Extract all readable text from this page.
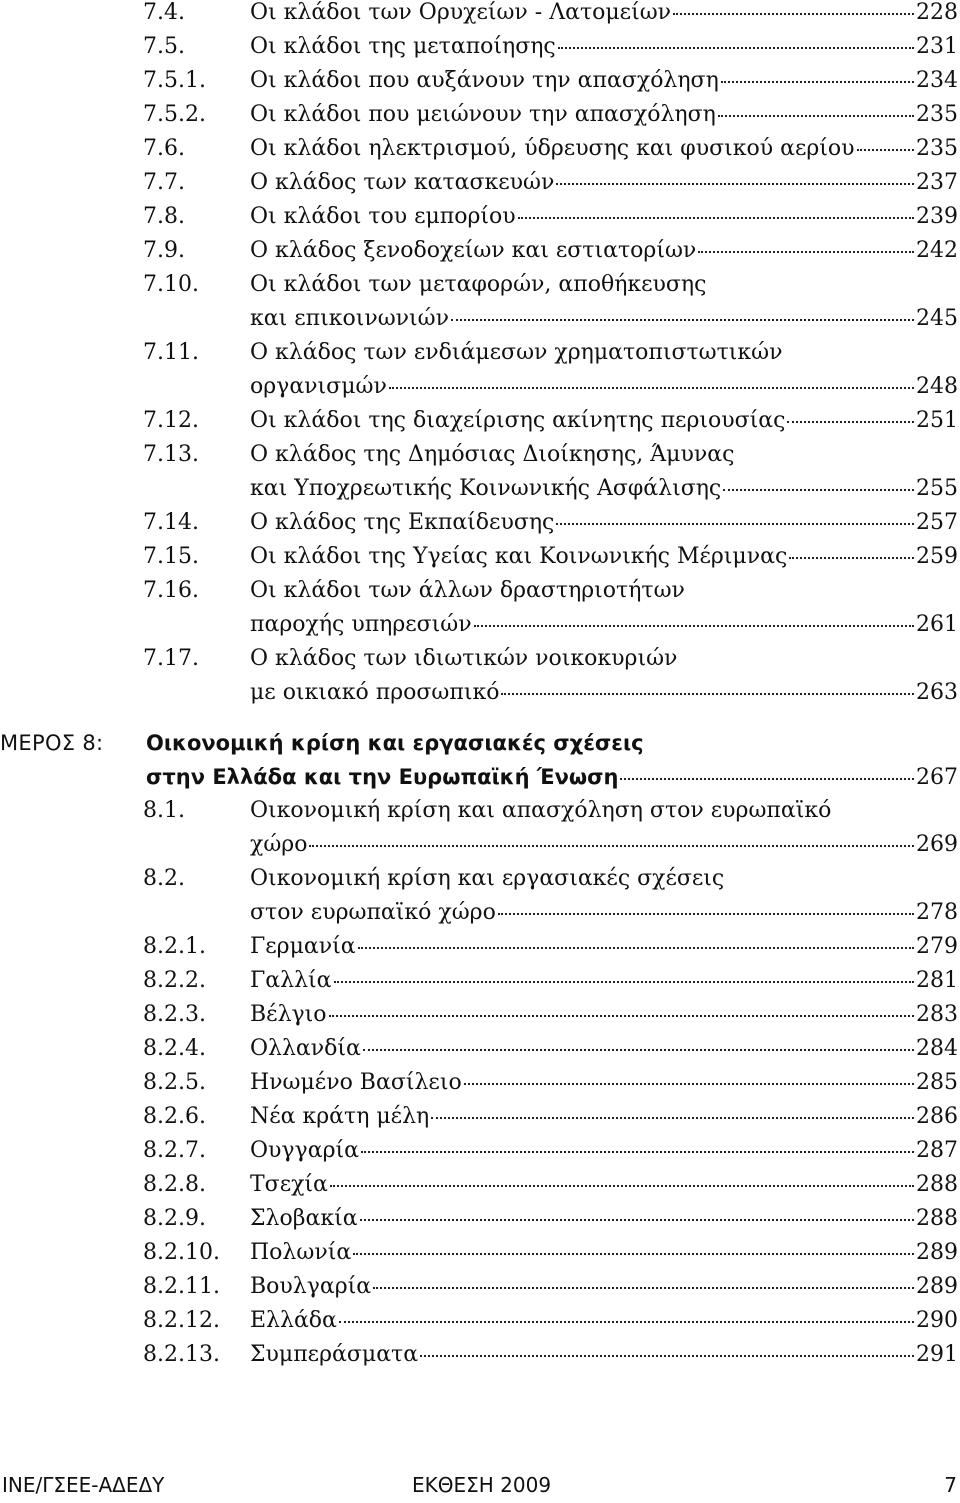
7.4.	Οι κλάδοι των Ορυχείων - Λατομείων	228
7.5.	Οι κλάδοι της μεταποίησης	231
7.5.1. Οι κλάδοι που αυξάνουν την απασχόληση	234
7.5.2. Οι κλάδοι που μειώνουν την απασχόληση	235
7.6.	Οι κλάδοι ηλεκτρισμού, ύδρευσης και φυσικού αερίου	235
7.7.	Ο κλάδος των κατασκευών	237
7.8.	Οι κλάδοι του εμπορίου	239
7.9.	Ο κλάδος ξενοδοχείων και εστιατορίων	242
7.10. Οι κλάδοι των μεταφορών, αποθήκευσης
και επικοινωνιών	245
7.11. Ο κλάδος των ενδιάμεσων χρηματοπιστωτικών
οργανισμών	248
7.12. Οι κλάδοι της διαχείρισης ακίνητης περιουσίας	251
7.13. Ο κλάδος της Δημόσιας Διοίκησης, Άμυνας
και Υποχρεωτικής Κοινωνικής Ασφάλισης	255
7.14. Ο κλάδος της Εκπαίδευσης	257
7.15. Οι κλάδοι της Υγείας και Κοινωνικής Μέριμνας	259
7.16. Οι κλάδοι των άλλων δραστηριοτήτων
παροχής υπηρεσιών	261
7.17. Ο κλάδος των ιδιωτικών νοικοκυριών
με οικιακό προσωπικό	263
ΜΕΡΟΣ 8: Οικονομική κρίση και εργασιακές σχέσεις
στην Ελλάδα και την Ευρωπαϊκή Ένωση	267
8.1.	Οικονομική κρίση και απασχόληση στον ευρωπαϊκό
χώρο	269
8.2.	Οικονομική κρίση και εργασιακές σχέσεις
στον ευρωπαϊκό χώρο	278
8.2.1. Γερμανία	279
8.2.2. Γαλλία	281
8.2.3. Βέλγιο	283
8.2.4. Ολλανδία	284
8.2.5. Ηνωμένο Βασίλειο	285
8.2.6. Νέα κράτη μέλη	286
8.2.7. Ουγγαρία	287
8.2.8. Τσεχία	288
8.2.9. Σλοβακία	288
8.2.10. Πολωνία	289
8.2.11. Βουλγαρία	289
8.2.12. Ελλάδα	290
8.2.13. Συμπεράσματα	291
ΙΝΕ/ΓΣΕΕ-ΑΔΕΔΥ	ΕΚΘΕΣΗ 2009	7
